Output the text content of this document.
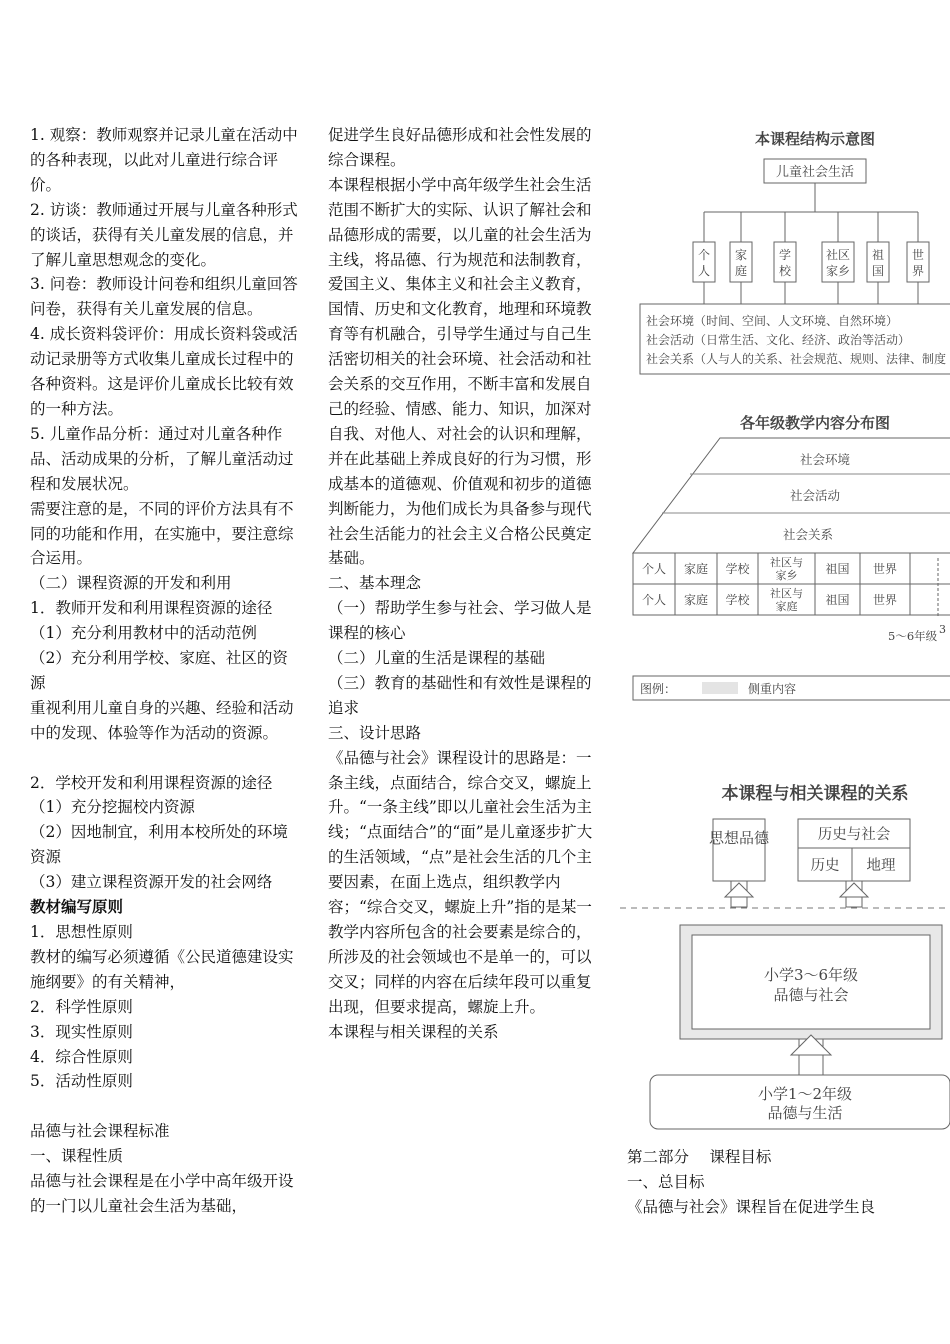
1. 观察：教师观察并记录儿童在活动中的各种表现，以此对儿童进行综合评价。

2. 访谈：教师通过开展与儿童各种形式的谈话，获得有关儿童发展的信息，并了解儿童思想观念的变化。

3. 问卷：教师设计问卷和组织儿童回答问卷，获得有关儿童发展的信息。

4. 成长资料袋评价：用成长资料袋或活动记录册等方式收集儿童成长过程中的各种资料。这是评价儿童成长比较有效的一种方法。

5. 儿童作品分析：通过对儿童各种作品、活动成果的分析，了解儿童活动过程和发展状况。

需要注意的是，不同的评价方法具有不同的功能和作用，在实施中，要注意综合运用。

（二）课程资源的开发和利用

1．教师开发和利用课程资源的途径

（1）充分利用教材中的活动范例

（2）充分利用学校、家庭、社区的资源

重视利用儿童自身的兴趣、经验和活动中的发现、体验等作为活动的资源。

2．学校开发和利用课程资源的途径

（1）充分挖掘校内资源

（2）因地制宜，利用本校所处的环境资源

（3）建立课程资源开发的社会网络

教材编写原则

1．思想性原则

教材的编写必须遵循《公民道德建设实施纲要》的有关精神，

2．科学性原则

3．现实性原则

4．综合性原则

5．活动性原则

品德与社会课程标准

一、课程性质

品德与社会课程是在小学中高年级开设的一门以儿童社会生活为基础，

促进学生良好品德形成和社会性发展的综合课程。

本课程根据小学中高年级学生社会生活范围不断扩大的实际、认识了解社会和品德形成的需要，以儿童的社会生活为主线，将品德、行为规范和法制教育，爱国主义、集体主义和社会主义教育，国情、历史和文化教育，地理和环境教育等有机融合，引导学生通过与自己生活密切相关的社会环境、社会活动和社会关系的交互作用，不断丰富和发展自己的经验、情感、能力、知识，加深对自我、对他人、对社会的认识和理解，并在此基础上养成良好的行为习惯，形成基本的道德观、价值观和初步的道德判断能力，为他们成长为具备参与现代社会生活能力的社会主义合格公民奠定基础。

二、基本理念

（一）帮助学生参与社会、学习做人是课程的核心

（二）儿童的生活是课程的基础

（三）教育的基础性和有效性是课程的追求

三、设计思路

《品德与社会》课程设计的思路是：一条主线，点面结合，综合交叉，螺旋上升。“一条主线”即以儿童社会生活为主线；“点面结合”的“面”是儿童逐步扩大的生活领域，“点”是社会生活的几个主要因素，在面上选点，组织教学内容；“综合交叉，螺旋上升”指的是某一教学内容所包含的社会要素是综合的，所涉及的社会领域也不是单一的，可以交叉；同样的内容在后续年段可以重复出现，但要求提高，螺旋上升。

本课程与相关课程的关系

本课程结构示意图
儿童社会生活
个
人
家
庭
学
校
社区
家乡
祖
国
世
界
社会环境（时间、空间、人文环境、自然环境）
社会活动（日常生活、文化、经济、政治等活动）
社会关系（人与人的关系、社会规范、规则、法律、制度
各年级教学内容分布图
社会环境
社会活动
社会关系
个人 家庭 学校 社区与
家乡 祖国 世界
个人 家庭 学校 社区与
家庭 祖国 世界
3
5～6年级
图例：	侧重内容
本课程与相关课程的关系
思想品德	历史与社会
历史 地理
小学3～6年级
品德与社会
小学1～2年级
品德与生活

第二部分　 课程目标

一、总目标

《品德与社会》课程旨在促进学生良
